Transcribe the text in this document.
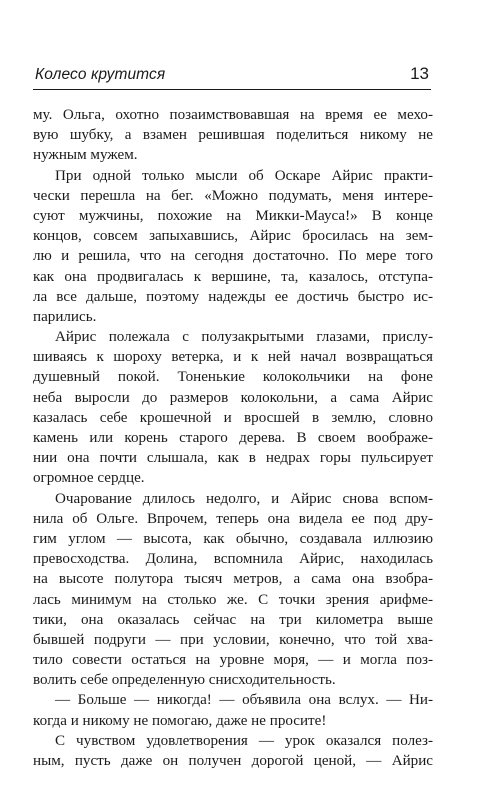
Колесо крутится	13

му. Ольга, охотно позаимствовавшая на время ее мехо-
вую шубку, а взамен решившая поделиться никому не
нужным мужем.

При одной только мысли об Оскаре Айрис практи-
чески перешла на бег. «Можно подумать, меня интере-
суют мужчины, похожие на Микки-Мауса!» В конце
концов, совсем запыхавшись, Айрис бросилась на зем-
лю и решила, что на сегодня достаточно. По мере того
как она продвигалась к вершине, та, казалось, отступа-
ла все дальше, поэтому надежды ее достичь быстро ис-
парились.

Айрис полежала с полузакрытыми глазами, прислу-
шиваясь к шороху ветерка, и к ней начал возвращаться
душевный покой. Тоненькие колокольчики на фоне
неба выросли до размеров колокольни, а сама Айрис
казалась себе крошечной и вросшей в землю, словно
камень или корень старого дерева. В своем воображе-
нии она почти слышала, как в недрах горы пульсирует
огромное сердце.

Очарование длилось недолго, и Айрис снова вспом-
нила об Ольге. Впрочем, теперь она видела ее под дру-
гим углом — высота, как обычно, создавала иллюзию
превосходства. Долина, вспомнила Айрис, находилась
на высоте полутора тысяч метров, а сама она взобра-
лась минимум на столько же. С точки зрения арифме-
тики, она оказалась сейчас на три километра выше
бывшей подруги — при условии, конечно, что той хва-
тило совести остаться на уровне моря, — и могла поз-
волить себе определенную снисходительность.

— Больше — никогда! — объявила она вслух. — Ни-
когда и никому не помогаю, даже не просите!

С чувством удовлетворения — урок оказался полез-
ным, пусть даже он получен дорогой ценой, — Айрис
